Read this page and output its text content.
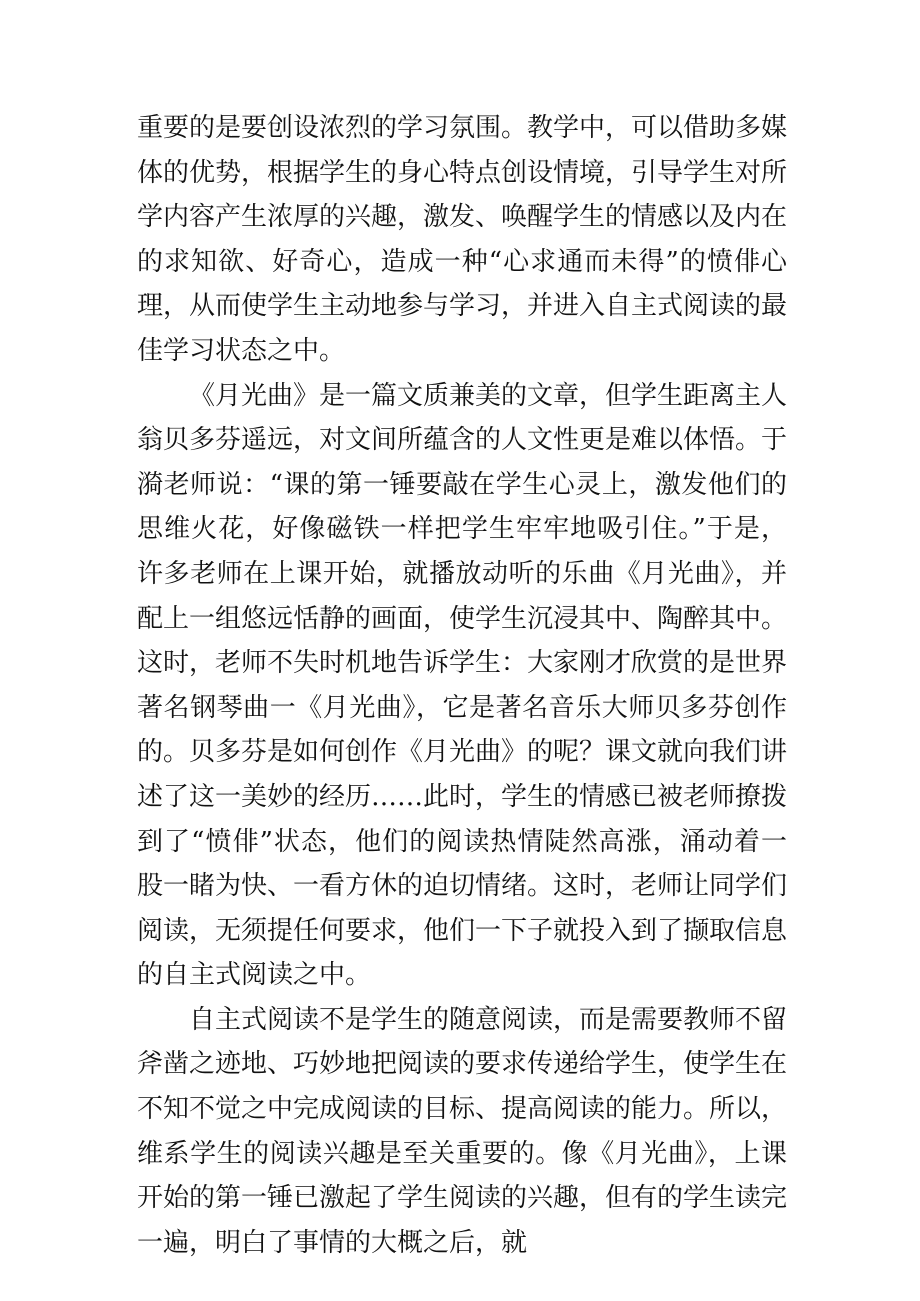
重要的是要创设浓烈的学习氛围。教学中，可以借助多媒体的优势，根据学生的身心特点创设情境，引导学生对所学内容产生浓厚的兴趣，激发、唤醒学生的情感以及内在的求知欲、好奇心，造成一种“心求通而未得”的愤俳心理，从而使学生主动地参与学习，并进入自主式阅读的最佳学习状态之中。

《月光曲》是一篇文质兼美的文章，但学生距离主人翁贝多芬遥远，对文间所蕴含的人文性更是难以体悟。于漪老师说：“课的第一锤要敲在学生心灵上，激发他们的思维火花，好像磁铁一样把学生牢牢地吸引住。”于是，许多老师在上课开始，就播放动听的乐曲《月光曲》，并配上一组悠远恬静的画面，使学生沉浸其中、陶醉其中。这时，老师不失时机地告诉学生：大家刚才欣赏的是世界著名钢琴曲一《月光曲》，它是著名音乐大师贝多芬创作的。贝多芬是如何创作《月光曲》的呢？课文就向我们讲述了这一美妙的经历……此时，学生的情感已被老师撩拨到了“愤俳”状态，他们的阅读热情陡然高涨，涌动着一股一睹为快、一看方休的迫切情绪。这时，老师让同学们阅读，无须提任何要求，他们一下子就投入到了撷取信息的自主式阅读之中。

自主式阅读不是学生的随意阅读，而是需要教师不留斧凿之迹地、巧妙地把阅读的要求传递给学生，使学生在不知不觉之中完成阅读的目标、提高阅读的能力。所以，维系学生的阅读兴趣是至关重要的。像《月光曲》，上课开始的第一锤已激起了学生阅读的兴趣，但有的学生读完一遍，明白了事情的大概之后，就
